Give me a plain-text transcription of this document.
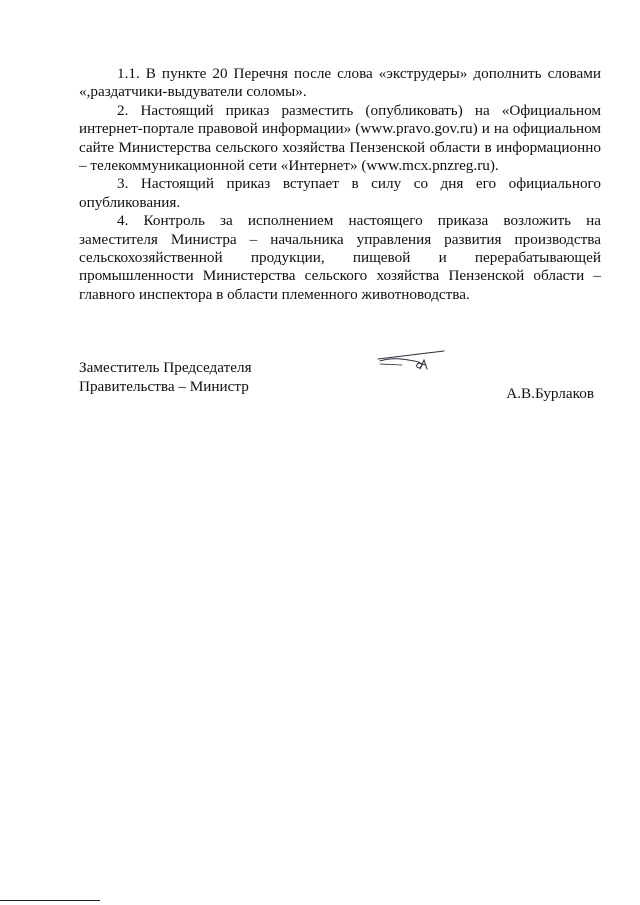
1.1. В пункте 20 Перечня после слова «экструдеры» дополнить словами «,раздатчики-выдуватели соломы».

2. Настоящий приказ разместить (опубликовать) на «Официальном интернет-портале правовой информации» (www.pravo.gov.ru) и на официальном сайте Министерства сельского хозяйства Пензенской области в информационно – телекоммуникационной сети «Интернет» (www.mcx.pnzreg.ru).

3. Настоящий приказ вступает в силу со дня его официального опубликования.

4. Контроль за исполнением настоящего приказа возложить на заместителя Министра – начальника управления развития производства сельскохозяйственной продукции, пищевой и перерабатывающей промышленности Министерства сельского хозяйства Пензенской области – главного инспектора в области племенного животноводства.

Заместитель Председателя
Правительства – Министр	А.В.Бурлаков
